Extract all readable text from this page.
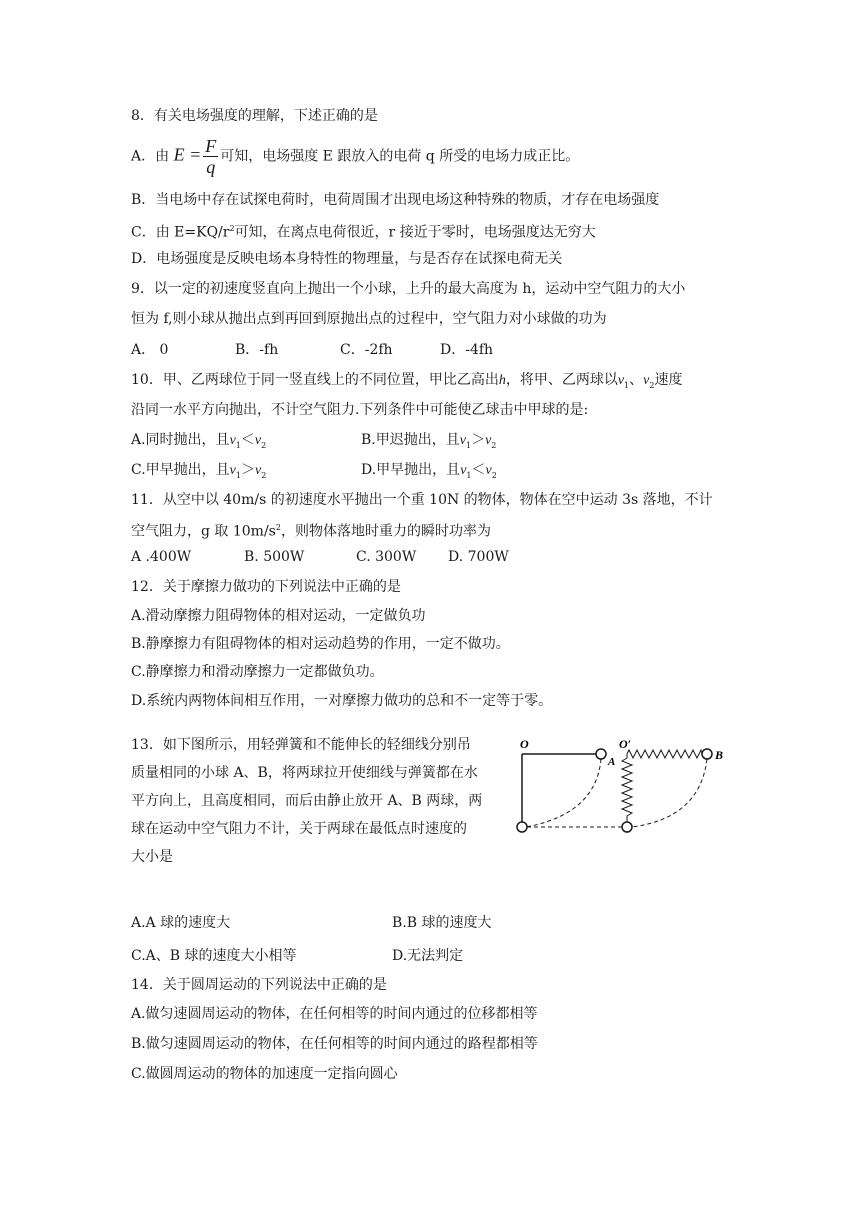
8．有关电场强度的理解，下述正确的是
A．由 $E = \frac{F}{q}$ 可知，电场强度 E 跟放入的电荷 q 所受的电场力成正比。
B．当电场中存在试探电荷时，电荷周围才出现电场这种特殊的物质，才存在电场强度
C．由 $E=KQ/r^2$可知，在离点电荷很近，r 接近于零时，电场强度达无穷大
D．电场强度是反映电场本身特性的物理量，与是否存在试探电荷无关
9．以一定的初速度竖直向上抛出一个小球，上升的最大高度为 h，运动中空气阻力的大小
恒为 f,则小球从抛出点到再回到原抛出点的过程中，空气阻力对小球做的功为
A． 0	B．-fh	C．-2fh	D．-4fh
10．甲、乙两球位于同一竖直线上的不同位置，甲比乙高出h，将甲、乙两球以$v_1$、$v_2$速度
沿同一水平方向抛出，不计空气阻力.下列条件中可能使乙球击中甲球的是:
A.同时抛出，且$v_1<v_2$	B.甲迟抛出，且$v_1>v_2$
C.甲早抛出，且$v_1>v_2$	D.甲早抛出，且$v_1<v_2$
11．从空中以 40m/s 的初速度水平抛出一个重 10N 的物体，物体在空中运动 3s 落地，不计
空气阻力，g 取 $10m/s^2$，则物体落地时重力的瞬时功率为
A .400W	B. 500W	C. 300W D. 700W
12．关于摩擦力做功的下列说法中正确的是
A.滑动摩擦力阻碍物体的相对运动，一定做负功
B.静摩擦力有阻碍物体的相对运动趋势的作用，一定不做功。
C.静摩擦力和滑动摩擦力一定都做负功。
D.系统内两物体间相互作用，一对摩擦力做功的总和不一定等于零。
13．如下图所示，用轻弹簧和不能伸长的轻细线分别吊
质量相同的小球 A、B，将两球拉开使细线与弹簧都在水
平方向上，且高度相同，而后由静止放开 A、B 两球，两
球在运动中空气阻力不计，关于两球在最低点时速度的
大小是
O
A
O′
B
A.A 球的速度大	B.B 球的速度大
C.A、B 球的速度大小相等	D.无法判定
14．关于圆周运动的下列说法中正确的是
A.做匀速圆周运动的物体，在任何相等的时间内通过的位移都相等
B.做匀速圆周运动的物体，在任何相等的时间内通过的路程都相等
C.做圆周运动的物体的加速度一定指向圆心
